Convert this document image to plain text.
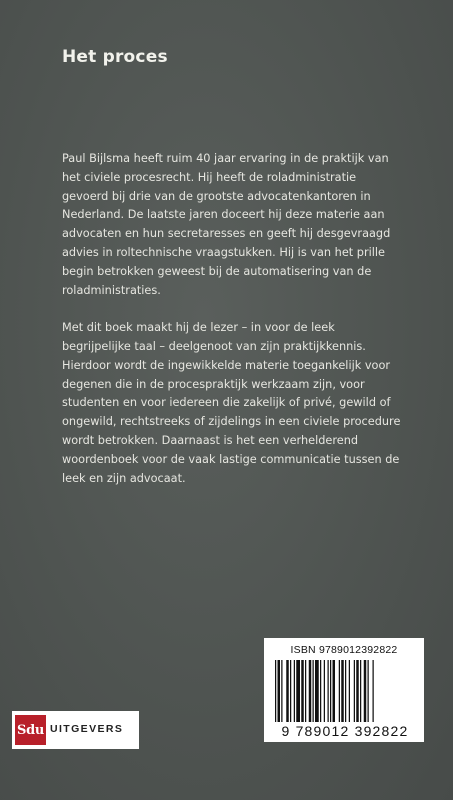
Het proces

Paul Bijlsma heeft ruim 40 jaar ervaring in de praktijk van het civiele procesrecht. Hij heeft de roladministratie gevoerd bij drie van de grootste advocatenkantoren in Nederland. De laatste jaren doceert hij deze materie aan advocaten en hun secretaresses en geeft hij desgevraagd advies in roltechnische vraagstukken. Hij is van het prille begin betrokken geweest bij de automatisering van de roladministraties.

Met dit boek maakt hij de lezer – in voor de leek begrijpelijke taal – deelgenoot van zijn praktijkkennis. Hierdoor wordt de ingewikkelde materie toegankelijk voor degenen die in de procespraktijk werkzaam zijn, voor studenten en voor iedereen die zakelijk of privé, gewild of ongewild, rechtstreeks of zijdelings in een civiele procedure wordt betrokken. Daarnaast is het een verhelderend woordenboek voor de vaak lastige communicatie tussen de leek en zijn advocaat.

ISBN 9789012392822
9 789012 392822
Sdu UITGEVERS
